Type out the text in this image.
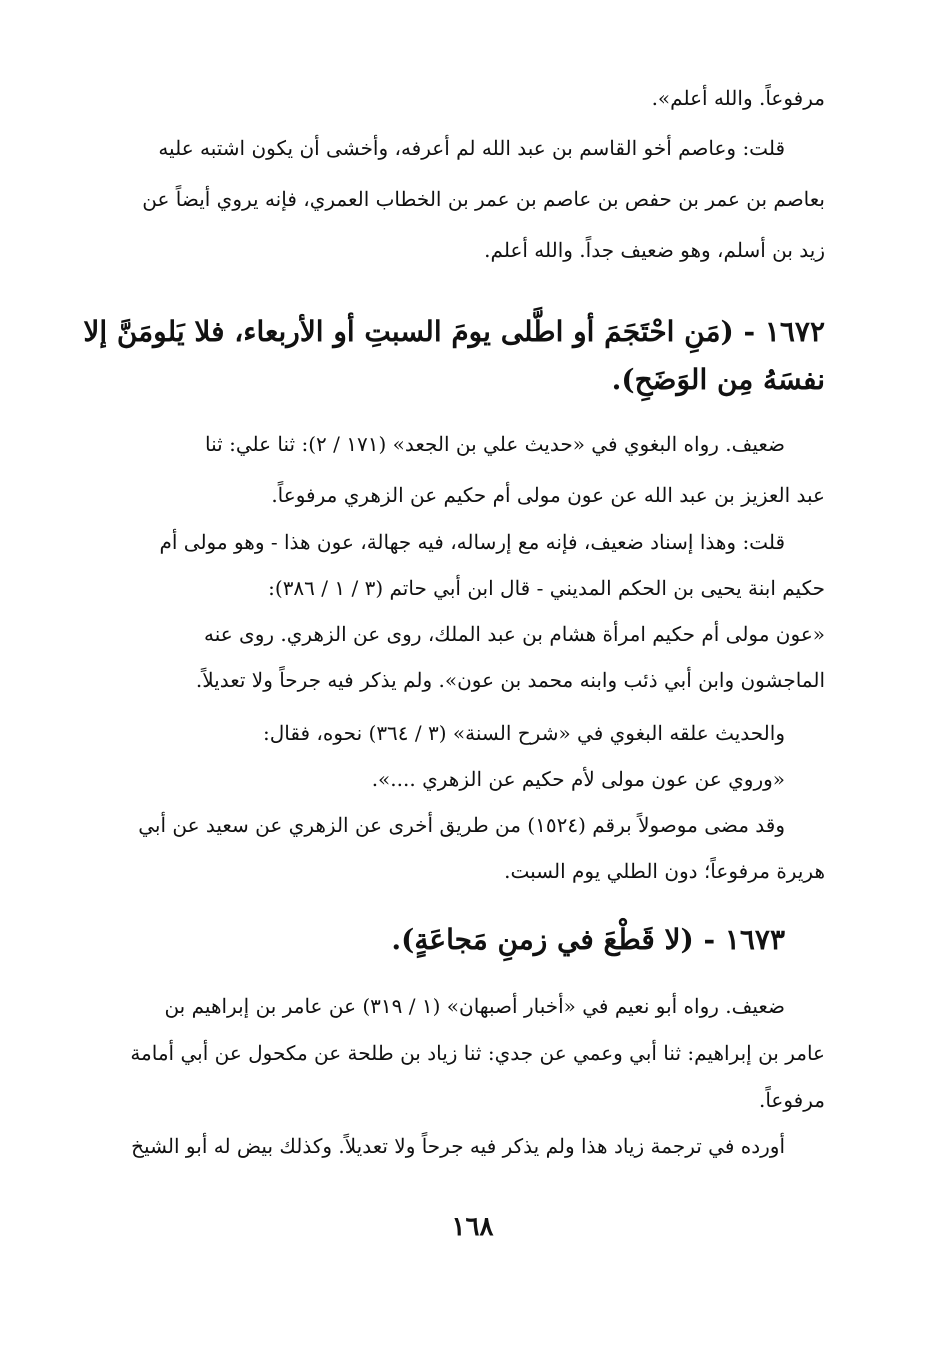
مرفوعاً. والله أعلم».

قلت: وعاصم أخو القاسم بن عبد الله لم أعرفه، وأخشى أن يكون اشتبه عليه

بعاصم بن عمر بن حفص بن عاصم بن عمر بن الخطاب العمري، فإنه يروي أيضاً عن

زيد بن أسلم، وهو ضعيف جداً. والله أعلم.

١٦٧٢ - (مَنِ احْتَجَمَ أو اطَّلى يومَ السبتِ أو الأربعاء، فلا يَلومَنَّ إلا

نفسَهُ مِن الوَضَحِ).

ضعيف. رواه البغوي في «حديث علي بن الجعد» (١٧١ / ٢): ثنا علي: ثنا

عبد العزيز بن عبد الله عن عون مولى أم حكيم عن الزهري مرفوعاً.

قلت: وهذا إسناد ضعيف، فإنه مع إرساله، فيه جهالة، عون هذا - وهو مولى أم

حكيم ابنة يحيى بن الحكم المديني - قال ابن أبي حاتم (٣ / ١ / ٣٨٦):

«عون مولى أم حكيم امرأة هشام بن عبد الملك، روى عن الزهري. روى عنه

الماجشون وابن أبي ذئب وابنه محمد بن عون». ولم يذكر فيه جرحاً ولا تعديلاً.

والحديث علقه البغوي في «شرح السنة» (٣ / ٣٦٤) نحوه، فقال:

«وروي عن عون مولى لأم حكيم عن الزهري ....».

وقد مضى موصولاً برقم (١٥٢٤) من طريق أخرى عن الزهري عن سعيد عن أبي

هريرة مرفوعاً؛ دون الطلي يوم السبت.

١٦٧٣ - (لا قَطْعَ في زمنِ مَجاعَةٍ).

ضعيف. رواه أبو نعيم في «أخبار أصبهان» (١ / ٣١٩) عن عامر بن إبراهيم بن

عامر بن إبراهيم: ثنا أبي وعمي عن جدي: ثنا زياد بن طلحة عن مكحول عن أبي أمامة

مرفوعاً.

أورده في ترجمة زياد هذا ولم يذكر فيه جرحاً ولا تعديلاً. وكذلك بيض له أبو الشيخ

١٦٨
